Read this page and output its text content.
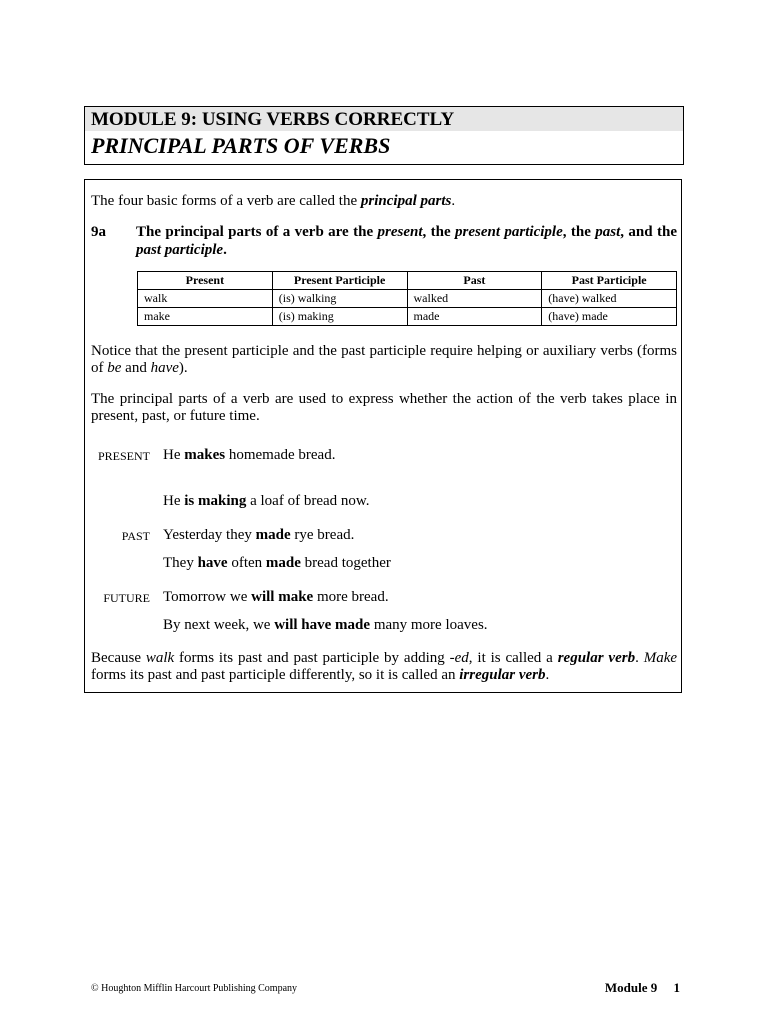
MODULE 9: USING VERBS CORRECTLY
PRINCIPAL PARTS OF VERBS

The four basic forms of a verb are called the principal parts.

9a The principal parts of a verb are the present, the present participle, the past, and the past participle.

Present	Present Participle	Past	Past Participle
walk	(is) walking	walked	(have) walked
make	(is) making	made	(have) made

Notice that the present participle and the past participle require helping or auxiliary verbs (forms of be and have).

The principal parts of a verb are used to express whether the action of the verb takes place in present, past, or future time.

PRESENT He makes homemade bread.

He is making a loaf of bread now.

PAST Yesterday they made rye bread.

They have often made bread together

FUTURE Tomorrow we will make more bread.

By next week, we will have made many more loaves.

Because walk forms its past and past participle by adding -ed, it is called a regular verb. Make forms its past and past participle differently, so it is called an irregular verb.

© Houghton Mifflin Harcourt Publishing Company	Module 9     1
